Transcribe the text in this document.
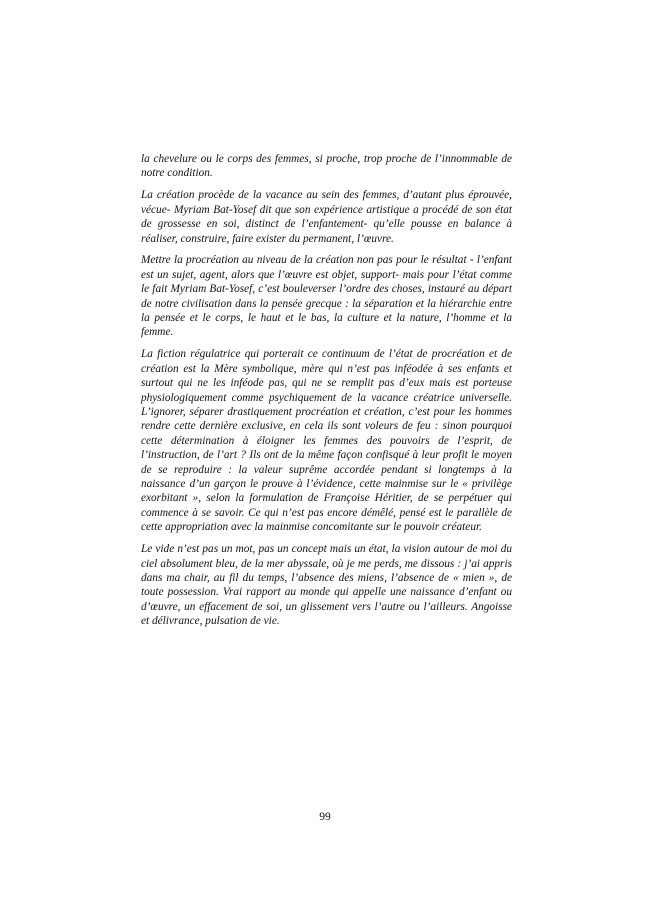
la chevelure ou le corps des femmes, si proche, trop proche de l’innommable de notre condition.

La création procède de la vacance au sein des femmes, d’autant plus éprouvée, vécue- Myriam Bat-Yosef dit que son expérience artistique a procédé de son état de grossesse en soi, distinct de l’enfantement- qu’elle pousse en balance à réaliser, construire, faire exister du permanent, l’œuvre.

Mettre la procréation au niveau de la création non pas pour le résultat - l’enfant est un sujet, agent, alors que l’œuvre est objet, support- mais pour l’état comme le fait Myriam Bat-Yosef, c’est bouleverser l’ordre des choses, instauré au départ de notre civilisation dans la pensée grecque : la séparation et la hiérarchie entre la pensée et le corps, le haut et le bas, la culture et la nature, l’homme et la femme.

La fiction régulatrice qui porterait ce continuum de l’état de procréation et de création est la Mère symbolique, mère qui n’est pas inféodée à ses enfants et surtout qui ne les inféode pas, qui ne se remplit pas d’eux mais est porteuse physiologiquement comme psychiquement de la vacance créatrice universelle. L’ignorer, séparer drastiquement procréation et création, c’est pour les hommes rendre cette dernière exclusive, en cela ils sont voleurs de feu : sinon pourquoi cette détermination à éloigner les femmes des pouvoirs de l’esprit, de l’instruction, de l’art ? Ils ont de la même façon confisqué à leur profit le moyen de se reproduire : la valeur suprême accordée pendant si longtemps à la naissance d’un garçon le prouve à l’évidence, cette mainmise sur le « privilège exorbitant », selon la formulation de Françoise Héritier, de se perpétuer qui commence à se savoir. Ce qui n’est pas encore démêlé, pensé est le parallèle de cette appropriation avec la mainmise concomitante sur le pouvoir créateur.

Le vide n’est pas un mot, pas un concept mais un état, la vision autour de moi du ciel absolument bleu, de la mer abyssale, où je me perds, me dissous : j’ai appris dans ma chair, au fil du temps, l’absence des miens, l’absence de « mien », de toute possession. Vrai rapport au monde qui appelle une naissance d’enfant ou d’œuvre, un effacement de soi, un glissement vers l’autre ou l’ailleurs. Angoisse et délivrance, pulsation de vie.

99
